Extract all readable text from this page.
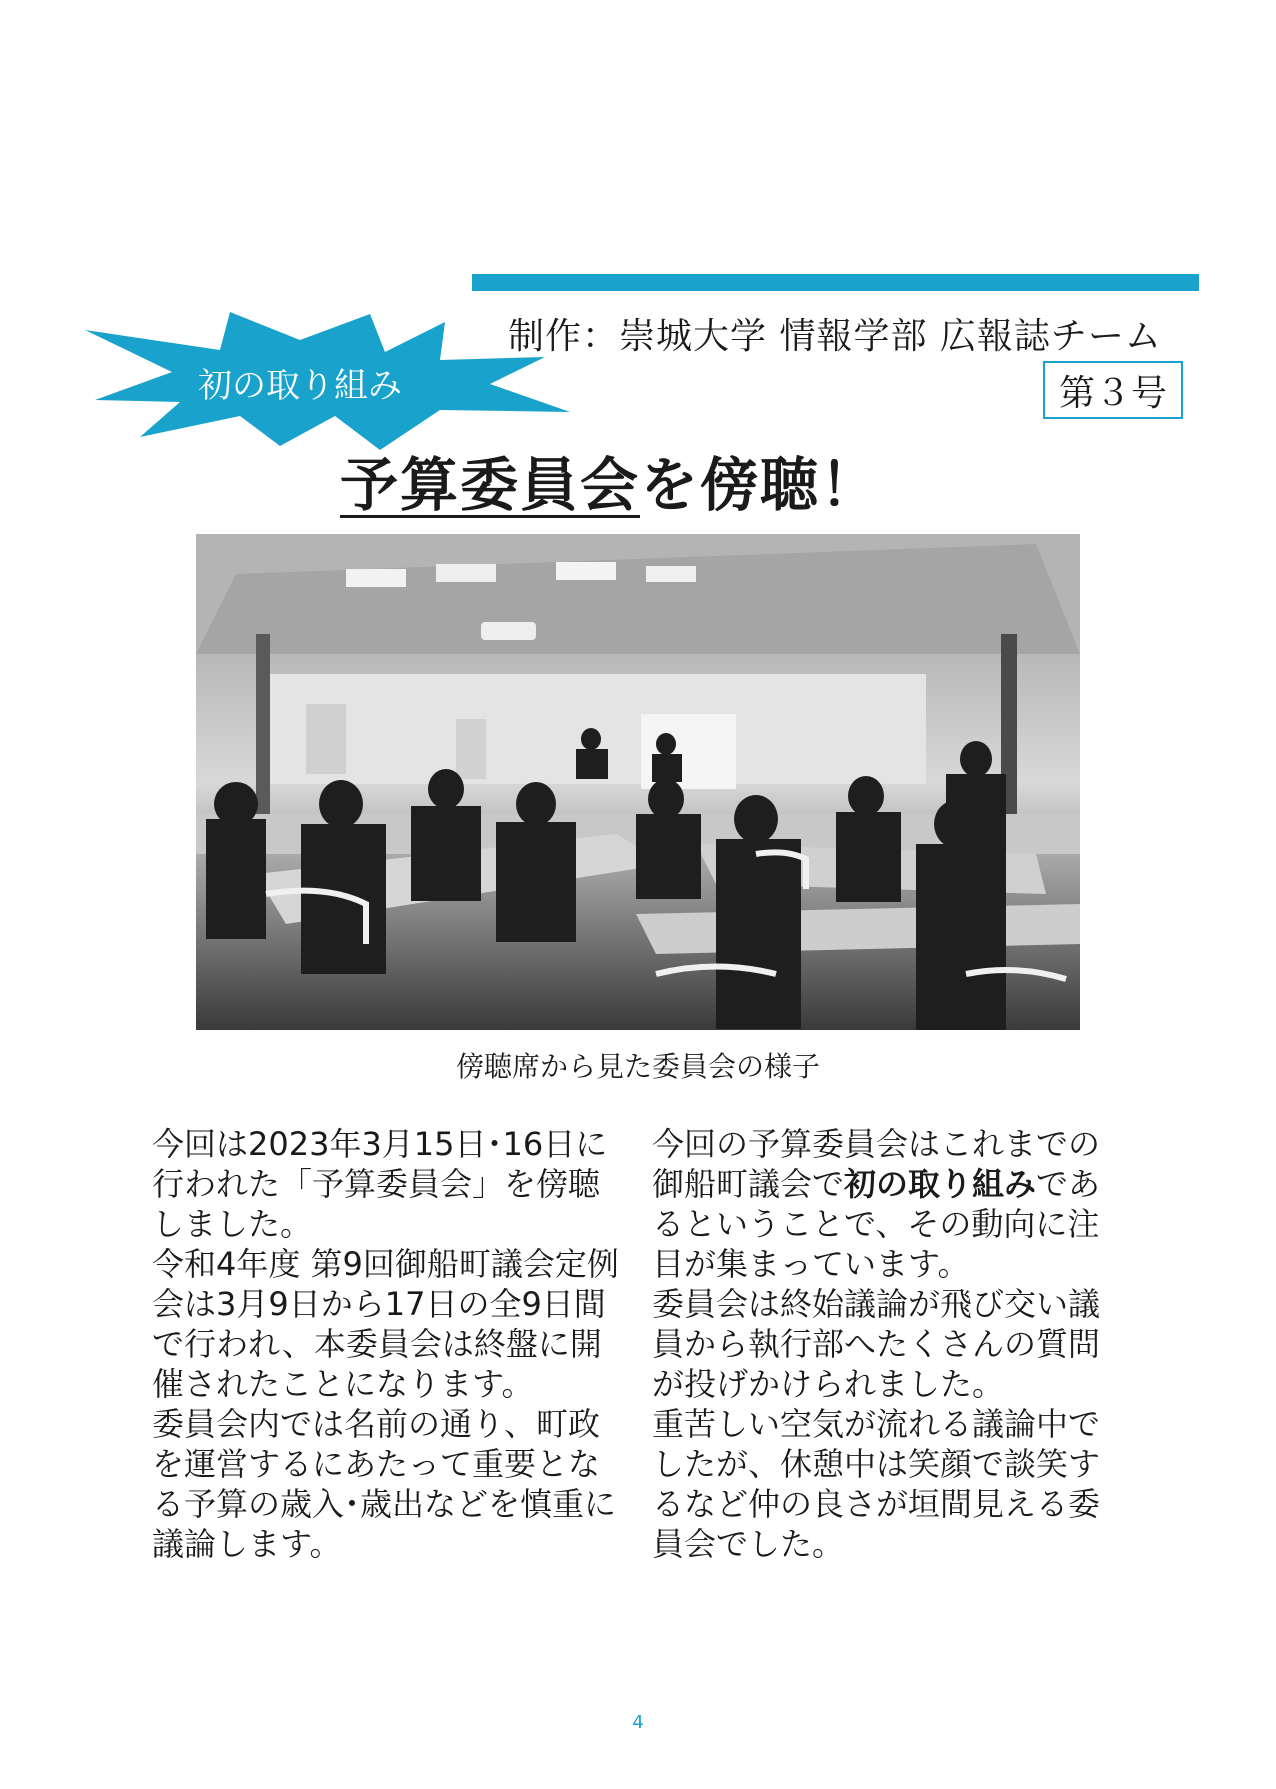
制作：崇城大学 情報学部 広報誌チーム
第３号
初の取り組み
予算委員会を傍聴！
傍聴席から見た委員会の様子

今回は2023年3月15日･16日に行われた「予算委員会」を傍聴しました。

令和4年度 第9回御船町議会定例会は3月9日から17日の全9日間で行われ、本委員会は終盤に開催されたことになります。

委員会内では名前の通り、町政を運営するにあたって重要となる予算の歳入･歳出などを慎重に議論します。

今回の予算委員会はこれまでの御船町議会で初の取り組みであるということで、その動向に注目が集まっています。

委員会は終始議論が飛び交い議員から執行部へたくさんの質問が投げかけられました。

重苦しい空気が流れる議論中でしたが、休憩中は笑顔で談笑するなど仲の良さが垣間見える委員会でした。

4
